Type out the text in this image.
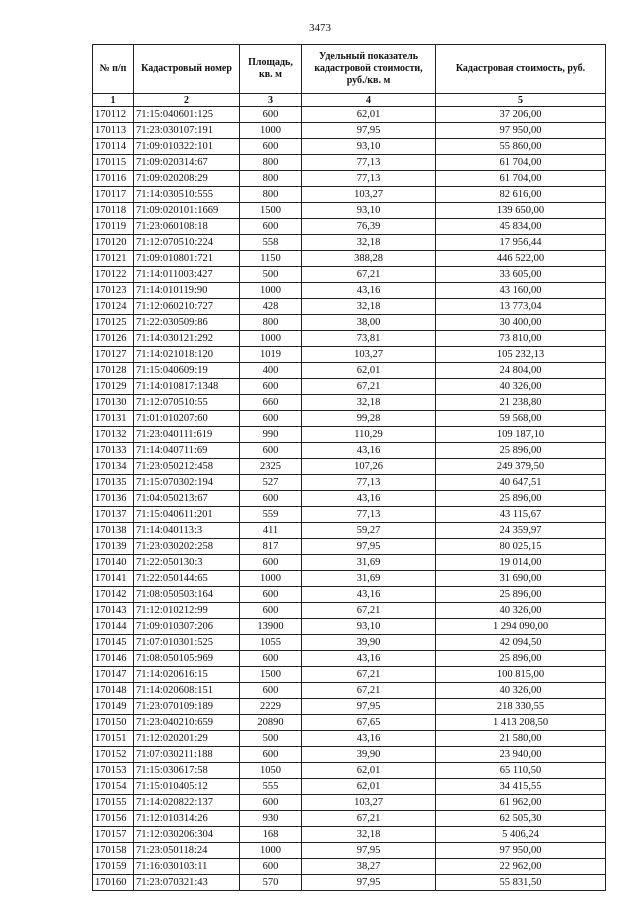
3473
№ п/п	Кадастровый номер	Площадь, кв. м	Удельный показатель кадастровой стоимости, руб./кв. м	Кадастровая стоимость, руб.
1	2	3	4	5
170112	71:15:040601:125	600	62,01	37 206,00
170113	71:23:030107:191	1000	97,95	97 950,00
170114	71:09:010322:101	600	93,10	55 860,00
170115	71:09:020314:67	800	77,13	61 704,00
170116	71:09:020208:29	800	77,13	61 704,00
170117	71:14:030510:555	800	103,27	82 616,00
170118	71:09:020101:1669	1500	93,10	139 650,00
170119	71:23:060108:18	600	76,39	45 834,00
170120	71:12:070510:224	558	32,18	17 956,44
170121	71:09:010801:721	1150	388,28	446 522,00
170122	71:14:011003:427	500	67,21	33 605,00
170123	71:14:010119:90	1000	43,16	43 160,00
170124	71:12:060210:727	428	32,18	13 773,04
170125	71:22:030509:86	800	38,00	30 400,00
170126	71:14:030121:292	1000	73,81	73 810,00
170127	71:14:021018:120	1019	103,27	105 232,13
170128	71:15:040609:19	400	62,01	24 804,00
170129	71:14:010817:1348	600	67,21	40 326,00
170130	71:12:070510:55	660	32,18	21 238,80
170131	71:01:010207:60	600	99,28	59 568,00
170132	71:23:040111:619	990	110,29	109 187,10
170133	71:14:040711:69	600	43,16	25 896,00
170134	71:23:050212:458	2325	107,26	249 379,50
170135	71:15:070302:194	527	77,13	40 647,51
170136	71:04:050213:67	600	43,16	25 896,00
170137	71:15:040611:201	559	77,13	43 115,67
170138	71:14:040113:3	411	59,27	24 359,97
170139	71:23:030202:258	817	97,95	80 025,15
170140	71:22:050130:3	600	31,69	19 014,00
170141	71:22:050144:65	1000	31,69	31 690,00
170142	71:08:050503:164	600	43,16	25 896,00
170143	71:12:010212:99	600	67,21	40 326,00
170144	71:09:010307:206	13900	93,10	1 294 090,00
170145	71:07:010301:525	1055	39,90	42 094,50
170146	71:08:050105:969	600	43,16	25 896,00
170147	71:14:020616:15	1500	67,21	100 815,00
170148	71:14:020608:151	600	67,21	40 326,00
170149	71:23:070109:189	2229	97,95	218 330,55
170150	71:23:040210:659	20890	67,65	1 413 208,50
170151	71:12:020201:29	500	43,16	21 580,00
170152	71:07:030211:188	600	39,90	23 940,00
170153	71:15:030617:58	1050	62,01	65 110,50
170154	71:15:010405:12	555	62,01	34 415,55
170155	71:14:020822:137	600	103,27	61 962,00
170156	71:12:010314:26	930	67,21	62 505,30
170157	71:12:030206:304	168	32,18	5 406,24
170158	71:23:050118:24	1000	97,95	97 950,00
170159	71:16:030103:11	600	38,27	22 962,00
170160	71:23:070321:43	570	97,95	55 831,50
